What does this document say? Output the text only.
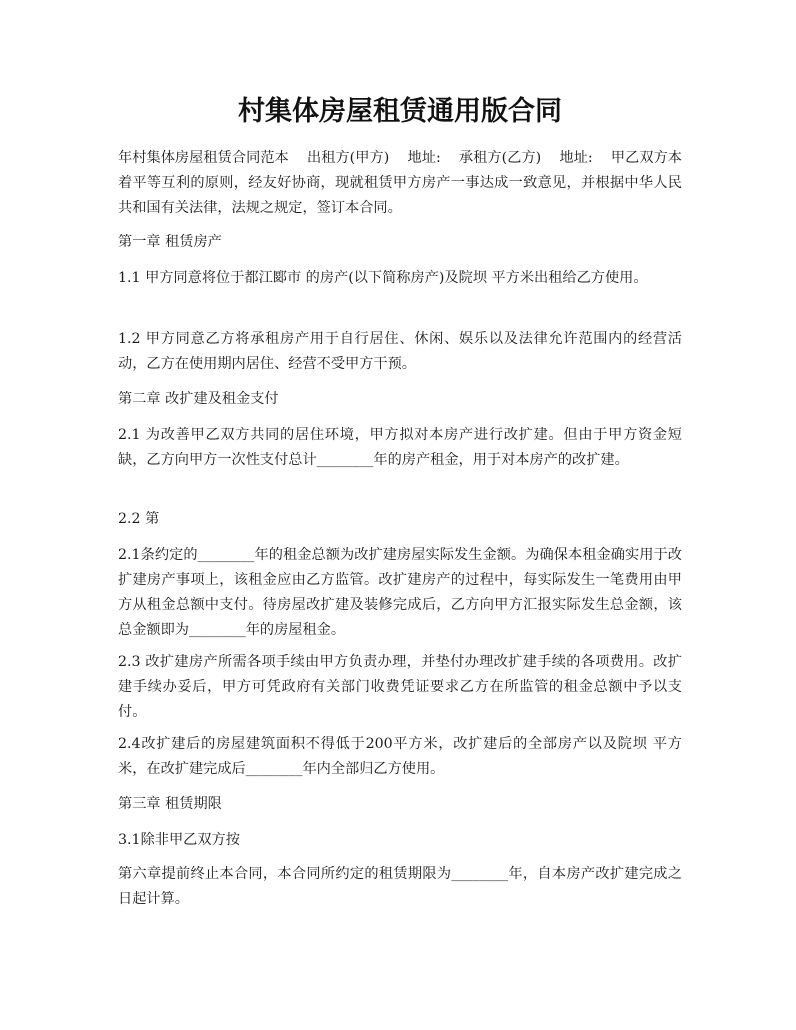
村集体房屋租赁通用版合同

年村集体房屋租赁合同范本    出租方(甲方)    地址:    承租方(乙方)    地址:    甲乙双方本着平等互利的原则，经友好协商，现就租赁甲方房产一事达成一致意见，并根据中华人民共和国有关法律，法规之规定，签订本合同。

第一章 租赁房产

1.1 甲方同意将位于都江郾市 的房产(以下简称房产)及院坝 平方米出租给乙方使用。

1.2 甲方同意乙方将承租房产用于自行居住、休闲、娱乐以及法律允许范围内的经营活动，乙方在使用期内居住、经营不受甲方干预。

第二章 改扩建及租金支付

2.1 为改善甲乙双方共同的居住环境，甲方拟对本房产进行改扩建。但由于甲方资金短缺，乙方向甲方一次性支付总计________年的房产租金，用于对本房产的改扩建。

2.2 第

2.1条约定的________年的租金总额为改扩建房屋实际发生金额。为确保本租金确实用于改扩建房产事项上，该租金应由乙方监管。改扩建房产的过程中，每实际发生一笔费用由甲方从租金总额中支付。待房屋改扩建及装修完成后，乙方向甲方汇报实际发生总金额，该总金额即为________年的房屋租金。

2.3 改扩建房产所需各项手续由甲方负责办理，并垫付办理改扩建手续的各项费用。改扩建手续办妥后，甲方可凭政府有关部门收费凭证要求乙方在所监管的租金总额中予以支付。

2.4改扩建后的房屋建筑面积不得低于200平方米，改扩建后的全部房产以及院坝 平方米，在改扩建完成后________年内全部归乙方使用。

第三章 租赁期限

3.1除非甲乙双方按

第六章提前终止本合同，本合同所约定的租赁期限为________年，自本房产改扩建完成之日起计算。
